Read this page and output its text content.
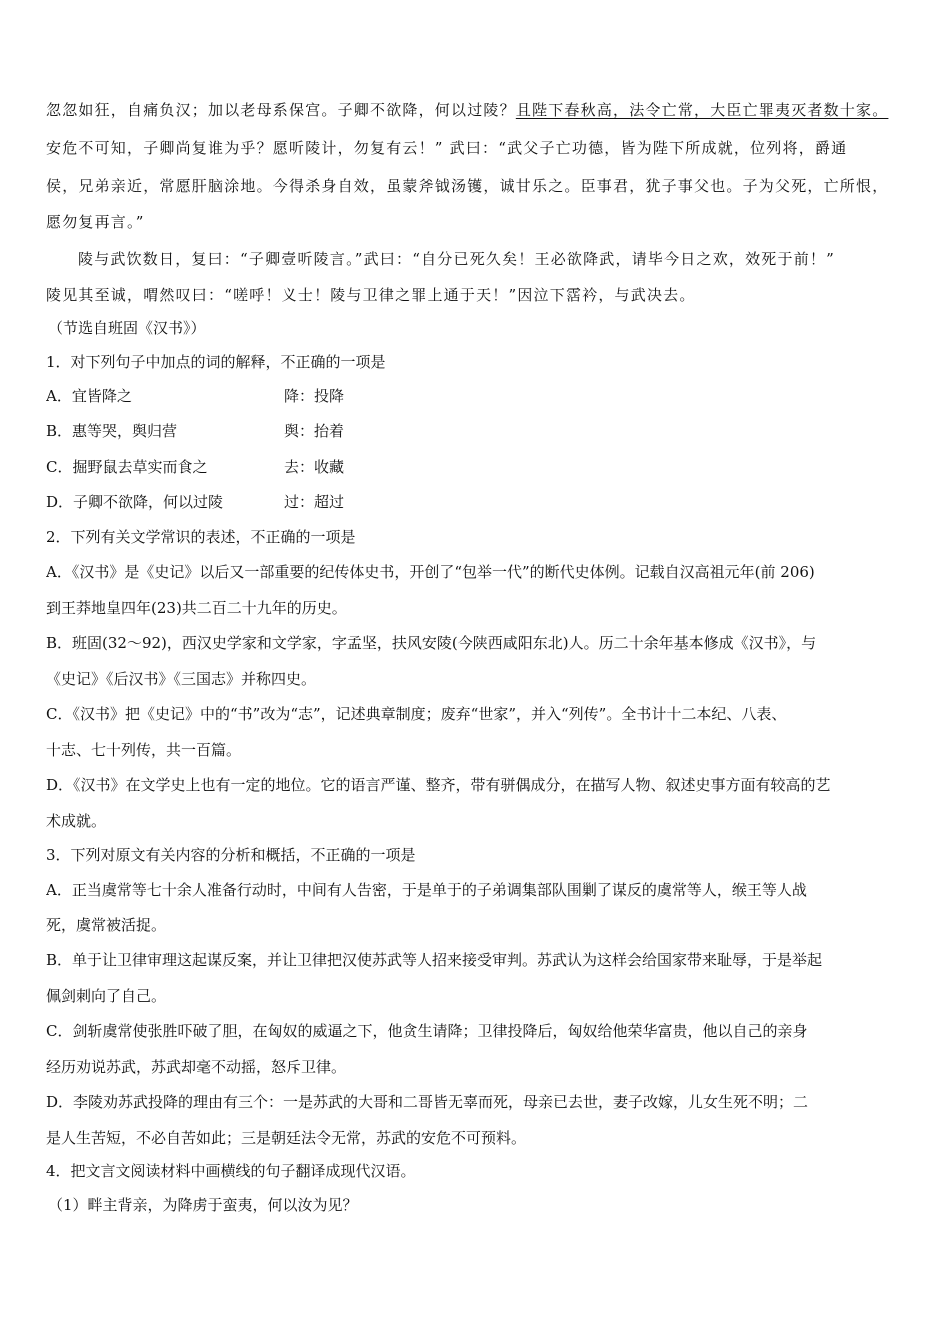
忽忽如狂，自痛负汉；加以老母系保宫。子卿不欲降，何以过陵？且陛下春秋高，法令亡常，大臣亡罪夷灭者数十家。
安危不可知，子卿尚复谁为乎？愿听陵计，勿复有云！” 武曰：“武父子亡功德，皆为陛下所成就，位列将，爵通
侯，兄弟亲近，常愿肝脑涂地。今得杀身自效，虽蒙斧钺汤镬，诚甘乐之。臣事君，犹子事父也。子为父死，亡所恨，
愿勿复再言。”
陵与武饮数日，复曰：“子卿壹听陵言。”武曰：“自分已死久矣！王必欲降武，请毕今日之欢，效死于前！”
陵见其至诚，喟然叹曰：“嗟呼！义士！陵与卫律之罪上通于天！”因泣下霑衿，与武决去。
（节选自班固《汉书》）
1．对下列句子中加点的词的解释，不正确的一项是
A．宜皆降之	降：投降
B．惠等哭，舆归营	舆：抬着
C．掘野鼠去草实而食之	去：收藏
D．子卿不欲降，何以过陵	过：超过
2．下列有关文学常识的表述，不正确的一项是
A．《汉书》是《史记》以后又一部重要的纪传体史书，开创了“包举一代”的断代史体例。记载自汉高祖元年(前 206)
到王莽地皇四年(23)共二百二十九年的历史。
B．班固(32～92)，西汉史学家和文学家，字孟坚，扶风安陵(今陕西咸阳东北)人。历二十余年基本修成《汉书》，与
《史记》《后汉书》《三国志》并称四史。
C．《汉书》把《史记》中的“书”改为“志”，记述典章制度；废弃“世家”，并入“列传”。全书计十二本纪、八表、
十志、七十列传，共一百篇。
D．《汉书》在文学史上也有一定的地位。它的语言严谨、整齐，带有骈偶成分，在描写人物、叙述史事方面有较高的艺
术成就。
3．下列对原文有关内容的分析和概括，不正确的一项是
A．正当虞常等七十余人准备行动时，中间有人告密，于是单于的子弟调集部队围剿了谋反的虞常等人，缑王等人战
死，虞常被活捉。
B．单于让卫律审理这起谋反案，并让卫律把汉使苏武等人招来接受审判。苏武认为这样会给国家带来耻辱，于是举起
佩剑刺向了自己。
C．剑斩虞常使张胜吓破了胆，在匈奴的威逼之下，他贪生请降；卫律投降后，匈奴给他荣华富贵，他以自己的亲身
经历劝说苏武，苏武却毫不动摇，怒斥卫律。
D．李陵劝苏武投降的理由有三个：一是苏武的大哥和二哥皆无辜而死，母亲已去世，妻子改嫁，儿女生死不明；二
是人生苦短，不必自苦如此；三是朝廷法令无常，苏武的安危不可预料。
4．把文言文阅读材料中画横线的句子翻译成现代汉语。
（1）畔主背亲，为降虏于蛮夷，何以汝为见？
